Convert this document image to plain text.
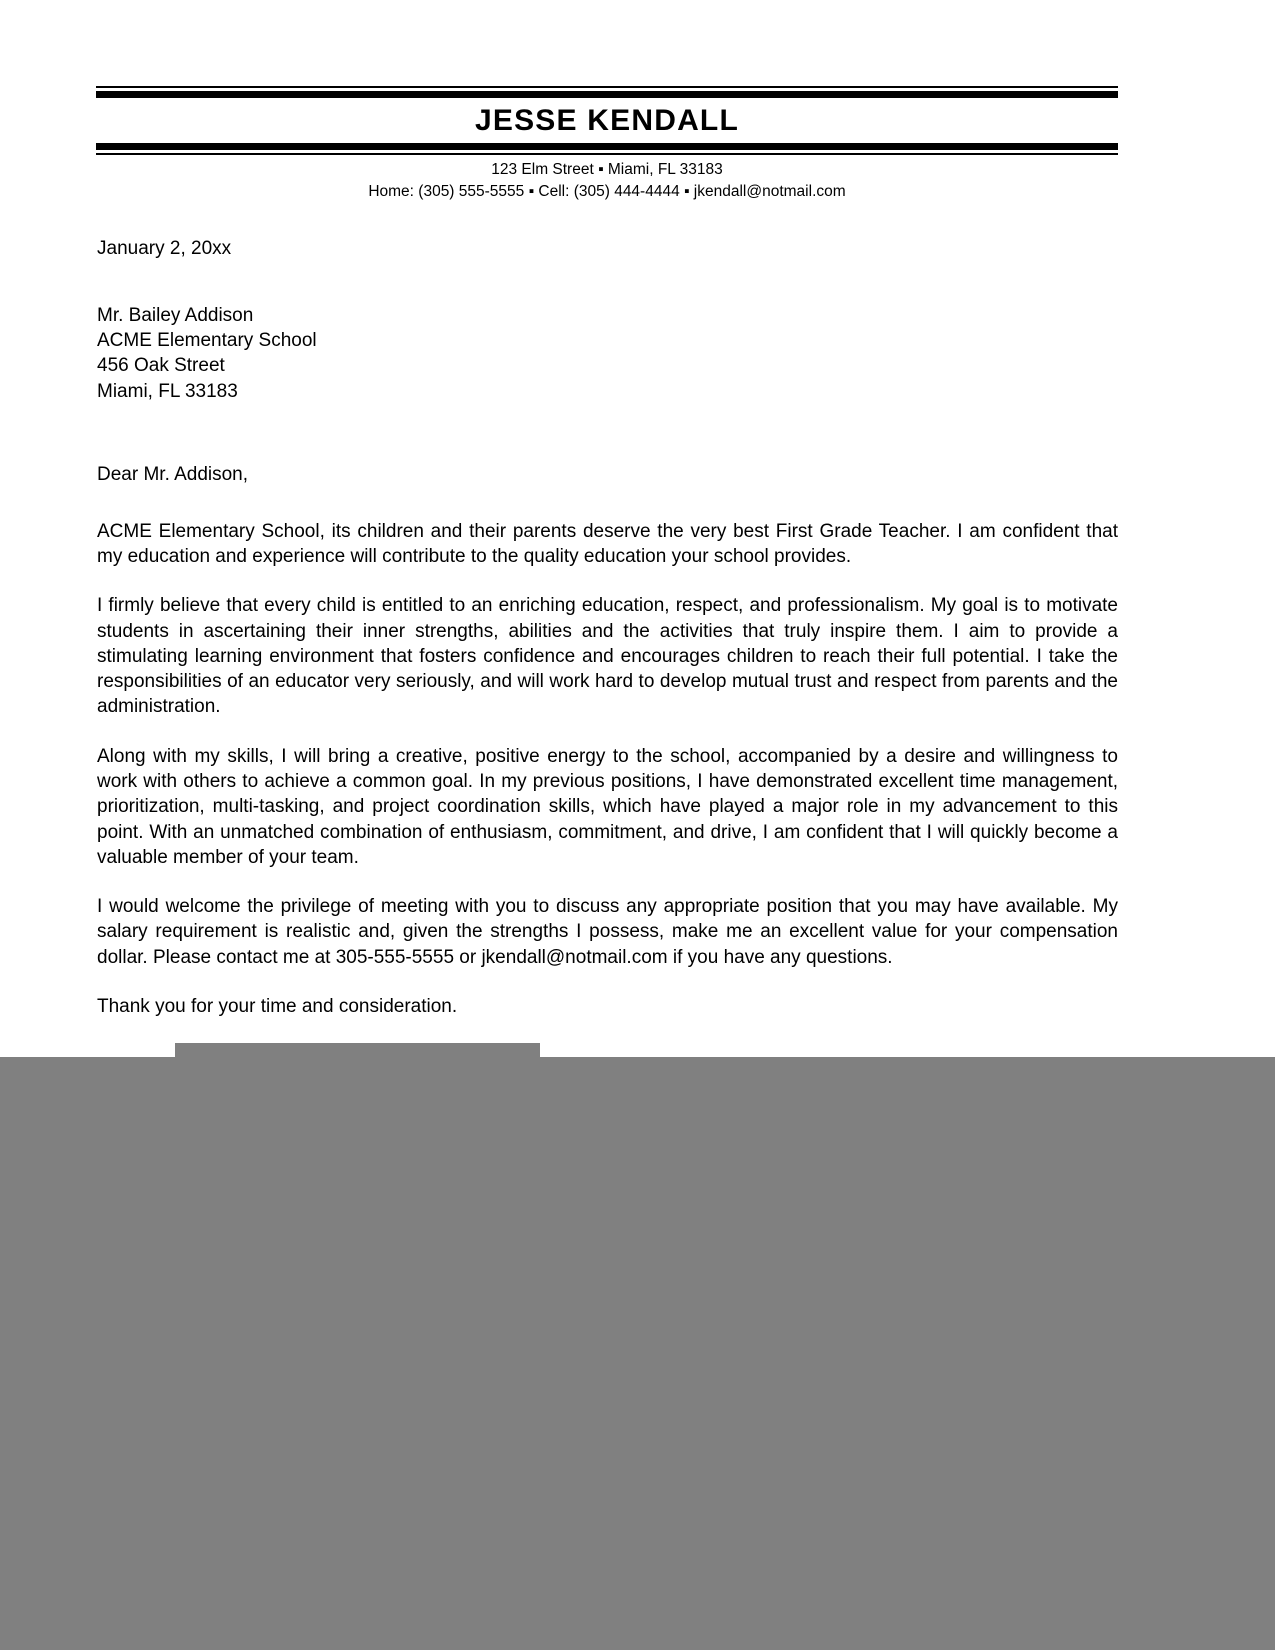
JESSE KENDALL
123 Elm Street ▪ Miami, FL 33183
Home: (305) 555-5555 ▪ Cell: (305) 444-4444 ▪ jkendall@notmail.com

January 2, 20xx

Mr. Bailey Addison

ACME Elementary School

456 Oak Street

Miami, FL 33183

Dear Mr. Addison,

ACME Elementary School, its children and their parents deserve the very best First Grade Teacher. I am confident that my education and experience will contribute to the quality education your school provides.

I firmly believe that every child is entitled to an enriching education, respect, and professionalism. My goal is to motivate students in ascertaining their inner strengths, abilities and the activities that truly inspire them. I aim to provide a stimulating learning environment that fosters confidence and encourages children to reach their full potential. I take the responsibilities of an educator very seriously, and will work hard to develop mutual trust and respect from parents and the administration.

Along with my skills, I will bring a creative, positive energy to the school, accompanied by a desire and willingness to work with others to achieve a common goal. In my previous positions, I have demonstrated excellent time management, prioritization, multi-tasking, and project coordination skills, which have played a major role in my advancement to this point. With an unmatched combination of enthusiasm, commitment, and drive, I am confident that I will quickly become a valuable member of your team.

I would welcome the privilege of meeting with you to discuss any appropriate position that you may have available. My salary requirement is realistic and, given the strengths I possess, make me an excellent value for your compensation dollar. Please contact me at 305-555-5555 or jkendall@notmail.com if you have any questions.

Thank you for your time and consideration.
